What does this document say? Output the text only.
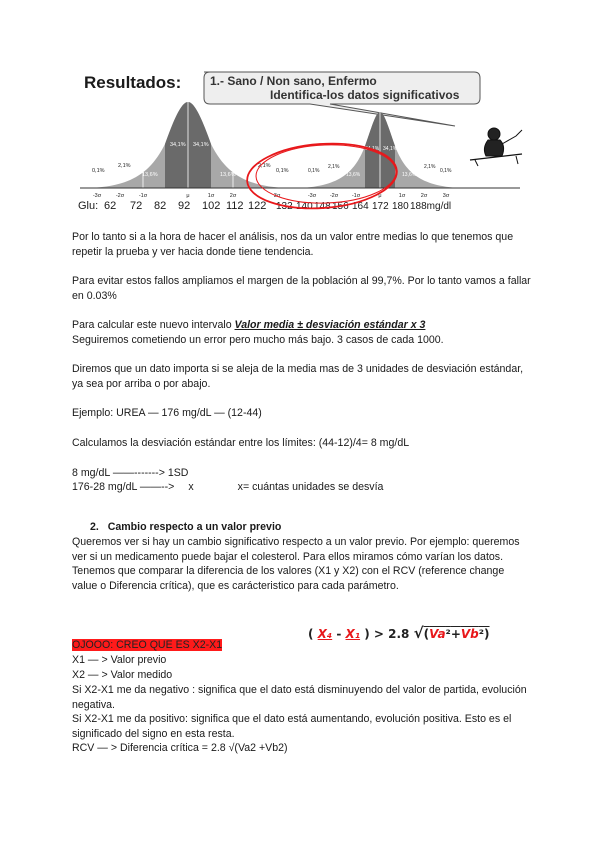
Resultados: 1.- Sano / Non sano, Enfermo
Identifica-los datos significativos
0,1%
2,1%
13,6%
34,1% 34,1%
13,6%
2,1%
0,1%	0,1%
2,1%
13,6%
34,1% 34,1%
13,6%
2,1%
0,1%
-3σ	-2σ	-1σ	μ	1σ	2σ	3σ	-3σ -2σ -1σ	μ	1σ	2σ	3σ
Glu: 62 72 82 92 102 112 122 132 140 148 156 164 172 180 188mg/dl

Por lo tanto si a la hora de hacer el análisis, nos da un valor entre medias lo que tenemos que repetir la prueba y ver hacia donde tiene tendencia.

Para evitar estos fallos ampliamos el margen de la población al 99,7%. Por lo tanto vamos a fallar en 0.03%

Para calcular este nuevo intervalo Valor media ± desviación estándar x 3
Seguiremos cometiendo un error pero mucho más bajo. 3 casos de cada 1000.

Diremos que un dato importa si se aleja de la media mas de 3 unidades de desviación estándar, ya sea por arriba o por abajo.

Ejemplo: UREA — 176 mg/dL — (12-44)

Calculamos la desviación estándar entre los límites: (44-12)/4= 8 mg/dL

8 mg/dL ——-------> 1SD

176-28 mg/dL ——--> x	x= cuántas unidades se desvía

2. Cambio respecto a un valor previo

Queremos ver si hay un cambio significativo respecto a un valor previo. Por ejemplo: queremos ver si un medicamento puede bajar el colesterol. Para ellos miramos cómo varían los datos. Tenemos que comparar la diferencia de los valores (X1 y X2) con el RCV (reference change value o Diferencia crítica), que es carácteristico para cada parámetro.

( X₄ - X₁ ) > 2.8 √(Va²+Vb²)

OJOOO: CREO QUE ES X2-X1

X1 — > Valor previo

X2 — > Valor medido

Si X2-X1 me da negativo : significa que el dato está disminuyendo del valor de partida, evolución negativa.

Si X2-X1 me da positivo: significa que el dato está aumentando, evolución positiva. Esto es el significado del signo en esta resta.

RCV — > Diferencia crítica = 2.8 √(Va2 +Vb2)
